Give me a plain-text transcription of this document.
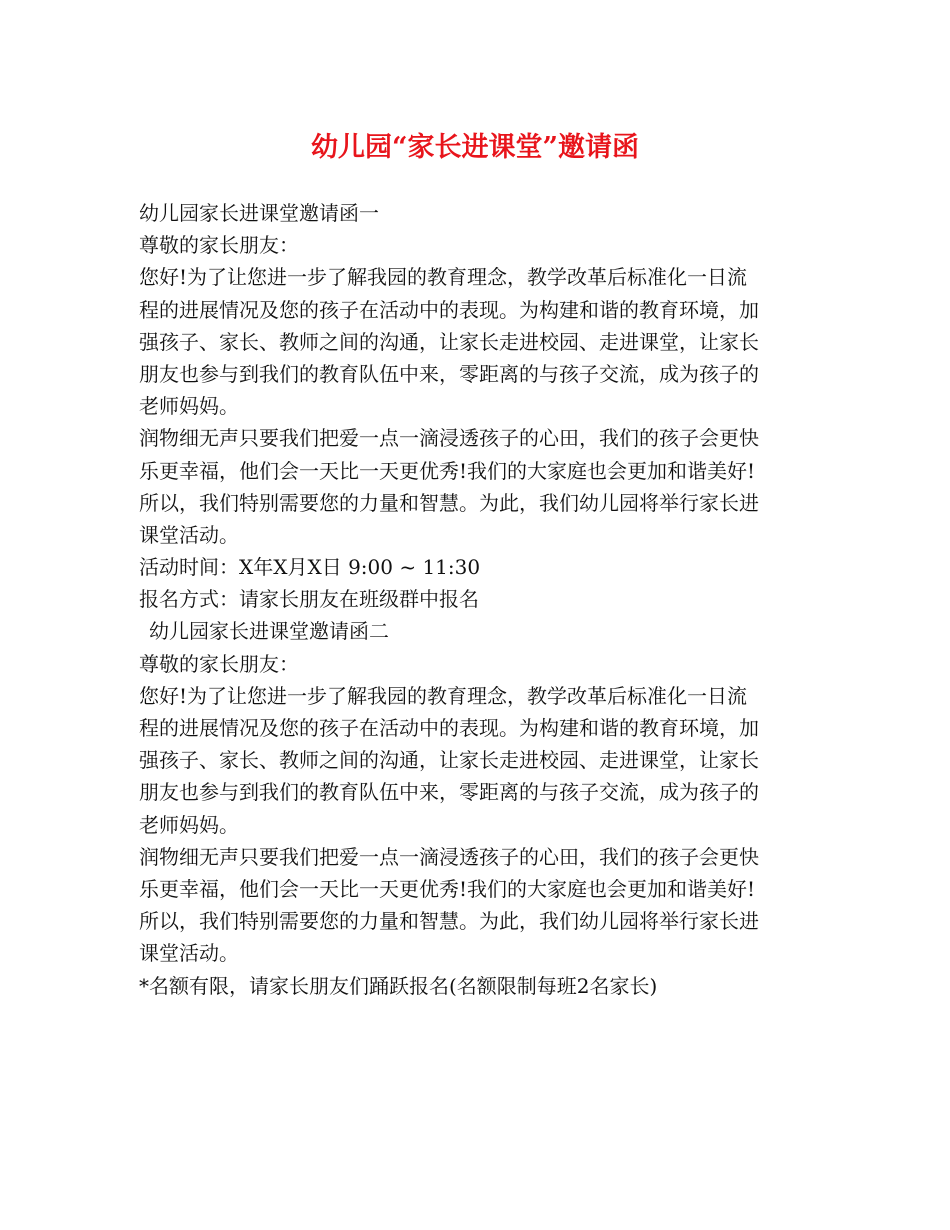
幼儿园“家长进课堂”邀请函
幼儿园家长进课堂邀请函一
尊敬的家长朋友：
您好!为了让您进一步了解我园的教育理念，教学改革后标准化一日流
程的进展情况及您的孩子在活动中的表现。为构建和谐的教育环境，加
强孩子、家长、教师之间的沟通，让家长走进校园、走进课堂，让家长
朋友也参与到我们的教育队伍中来，零距离的与孩子交流，成为孩子的
老师妈妈。
润物细无声只要我们把爱一点一滴浸透孩子的心田，我们的孩子会更快
乐更幸福，他们会一天比一天更优秀!我们的大家庭也会更加和谐美好!
所以，我们特别需要您的力量和智慧。为此，我们幼儿园将举行家长进
课堂活动。
活动时间：X年X月X日 9:00 ~ 11:30
报名方式：请家长朋友在班级群中报名
幼儿园家长进课堂邀请函二
尊敬的家长朋友：
您好!为了让您进一步了解我园的教育理念，教学改革后标准化一日流
程的进展情况及您的孩子在活动中的表现。为构建和谐的教育环境，加
强孩子、家长、教师之间的沟通，让家长走进校园、走进课堂，让家长
朋友也参与到我们的教育队伍中来，零距离的与孩子交流，成为孩子的
老师妈妈。
润物细无声只要我们把爱一点一滴浸透孩子的心田，我们的孩子会更快
乐更幸福，他们会一天比一天更优秀!我们的大家庭也会更加和谐美好!
所以，我们特别需要您的力量和智慧。为此，我们幼儿园将举行家长进
课堂活动。
*名额有限，请家长朋友们踊跃报名(名额限制每班2名家长)
